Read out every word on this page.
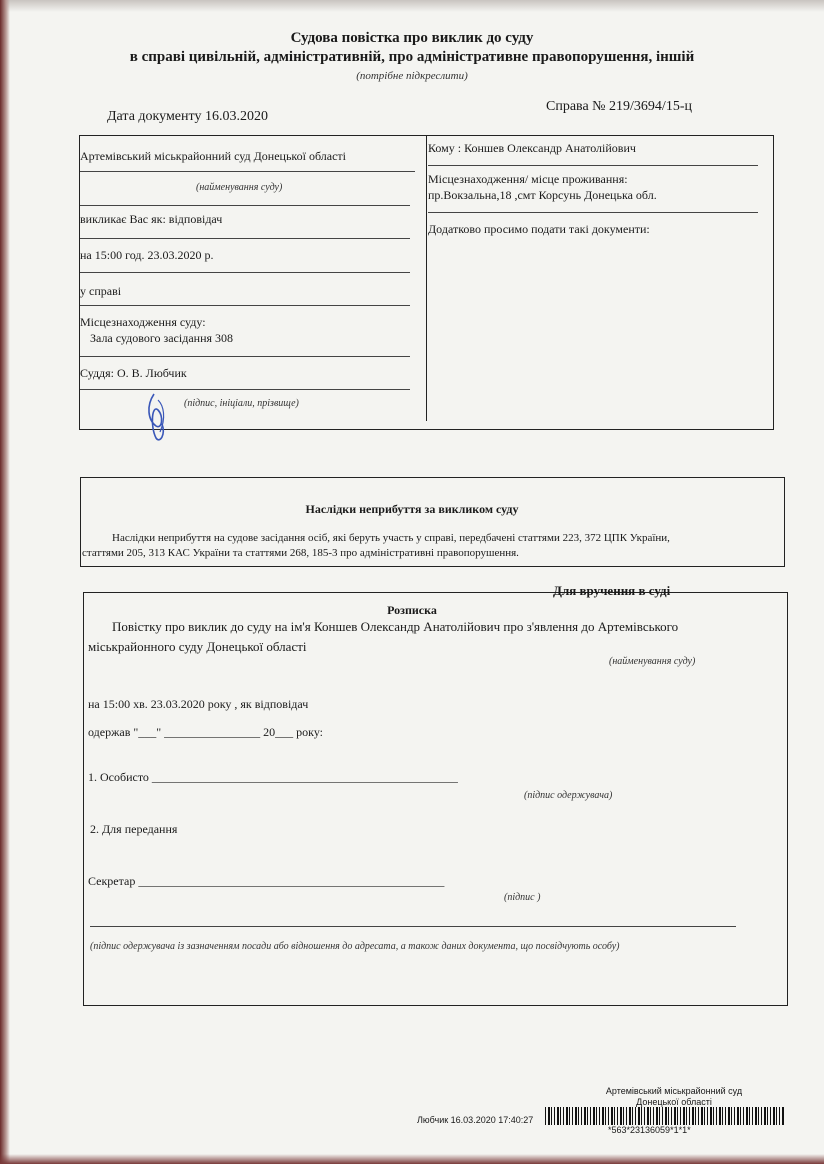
Судова повістка про виклик до суду
в справі цивільній, адміністративній, про адміністративне правопорушення, іншій
(потрібне підкреслити)
Дата документу 16.03.2020
Справа № 219/3694/15-ц
Артемівський міськрайонний суд Донецької області
(найменування суду)
викликає Вас як: відповідач
на 15:00 год. 23.03.2020 р.
у справі
Місцезнаходження суду:
Зала судового засідання 308
Суддя: О. В. Любчик
(підпис, ініціали, прізвище)
Кому : Коншев Олександр Анатолійович
Місцезнаходження/ місце проживання:
пр.Вокзальна,18 ,смт Корсунь Донецька обл.
Додатково просимо подати такі документи:
Наслідки неприбуття за викликом суду
Наслідки неприбуття на судове засідання осіб, які беруть участь у справі, передбачені статтями 223, 372 ЦПК України,
статтями 205, 313 КАС України та статтями 268, 185-3 про адміністративні правопорушення.
Для вручення в суді
Розписка
Повістку про виклик до суду на ім'я Коншев Олександр Анатолійович про з'явлення до Артемівського
міськрайонного суду Донецької області
(найменування суду)
на 15:00 хв. 23.03.2020 року , як відповідач
одержав "___" ________________ 20___ року:
1. Особисто ___________________________________________________
(підпис одержувача)
2. Для передання
Секретар ___________________________________________________
(підпис )
(підпис одержувача із зазначенням посади або відношення до адресата, а також даних документа, що посвідчують особу)
Артемівський міськрайонний суд
Донецької області
Любчик 16.03.2020 17:40:27
*563*23136059*1*1*
